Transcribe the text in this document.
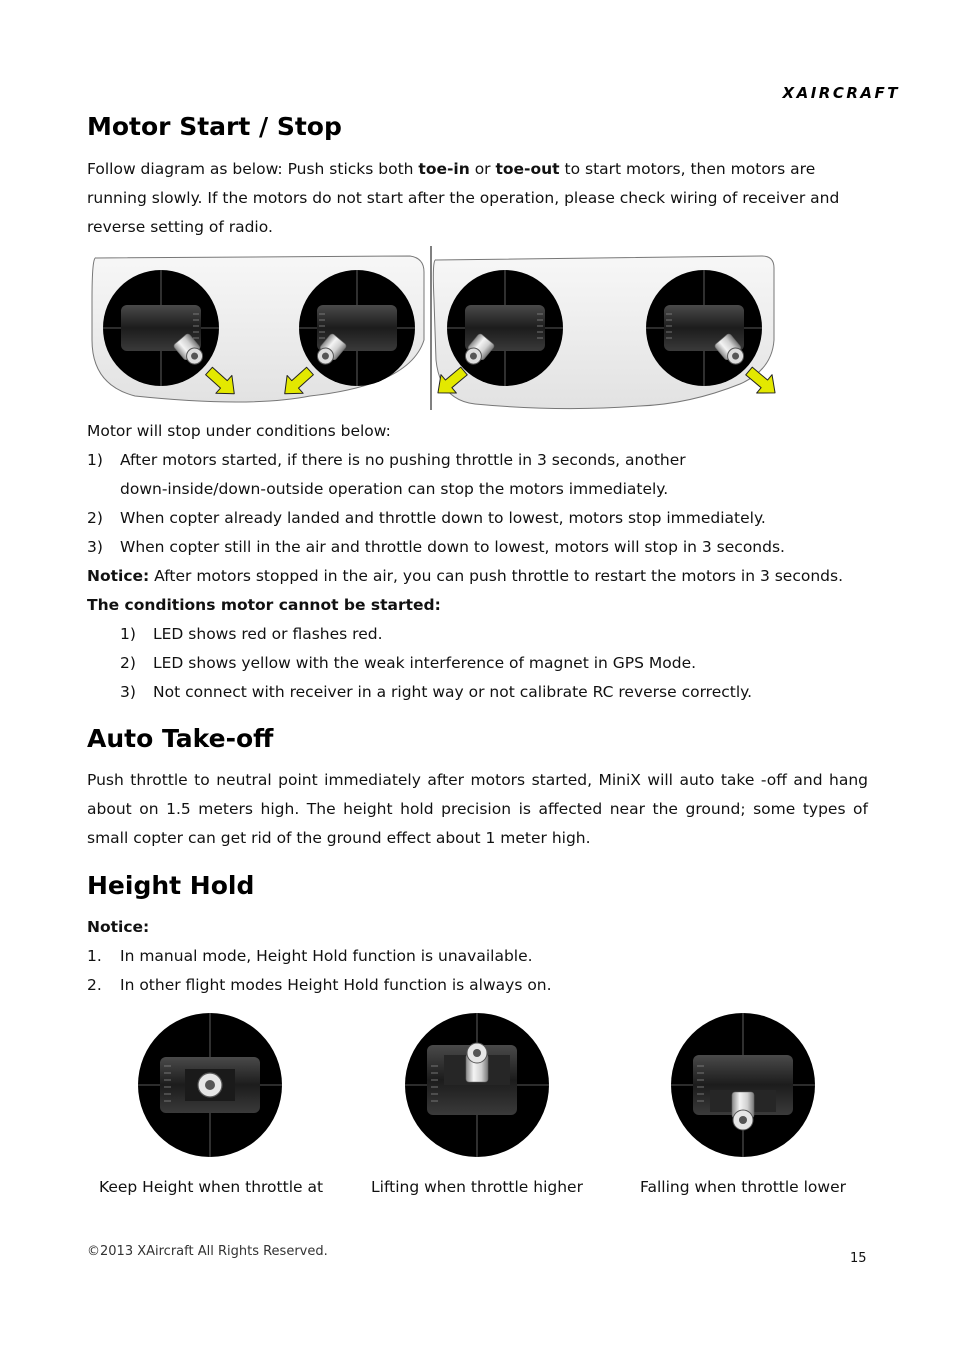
XAIRCRAFT
Motor Start / Stop
Follow diagram as below: Push sticks both toe-in or toe-out to start motors, then motors are
running slowly. If the motors do not start after the operation, please check wiring of receiver and
reverse setting of radio.
Motor will stop under conditions below:
1) After motors started, if there is no pushing throttle in 3 seconds, another
down-inside/down-outside operation can stop the motors immediately.
2) When copter already landed and throttle down to lowest, motors stop immediately.
3) When copter still in the air and throttle down to lowest, motors will stop in 3 seconds.
Notice: After motors stopped in the air, you can push throttle to restart the motors in 3 seconds.
The conditions motor cannot be started:
1) LED shows red or flashes red.
2) LED shows yellow with the weak interference of magnet in GPS Mode.
3) Not connect with receiver in a right way or not calibrate RC reverse correctly.
Auto Take-off

Push throttle to neutral point immediately after motors started, MiniX will auto take -off and hang about on 1.5 meters high. The height hold precision is affected near the ground; some types of small copter can get rid of the ground effect about 1 meter high.

Height Hold
Notice:
1. In manual mode, Height Hold function is unavailable.
2. In other flight modes Height Hold function is always on.
Keep Height when throttle at	Lifting when throttle higher	Falling when throttle lower
©2013 XAircraft All Rights Reserved.	15
